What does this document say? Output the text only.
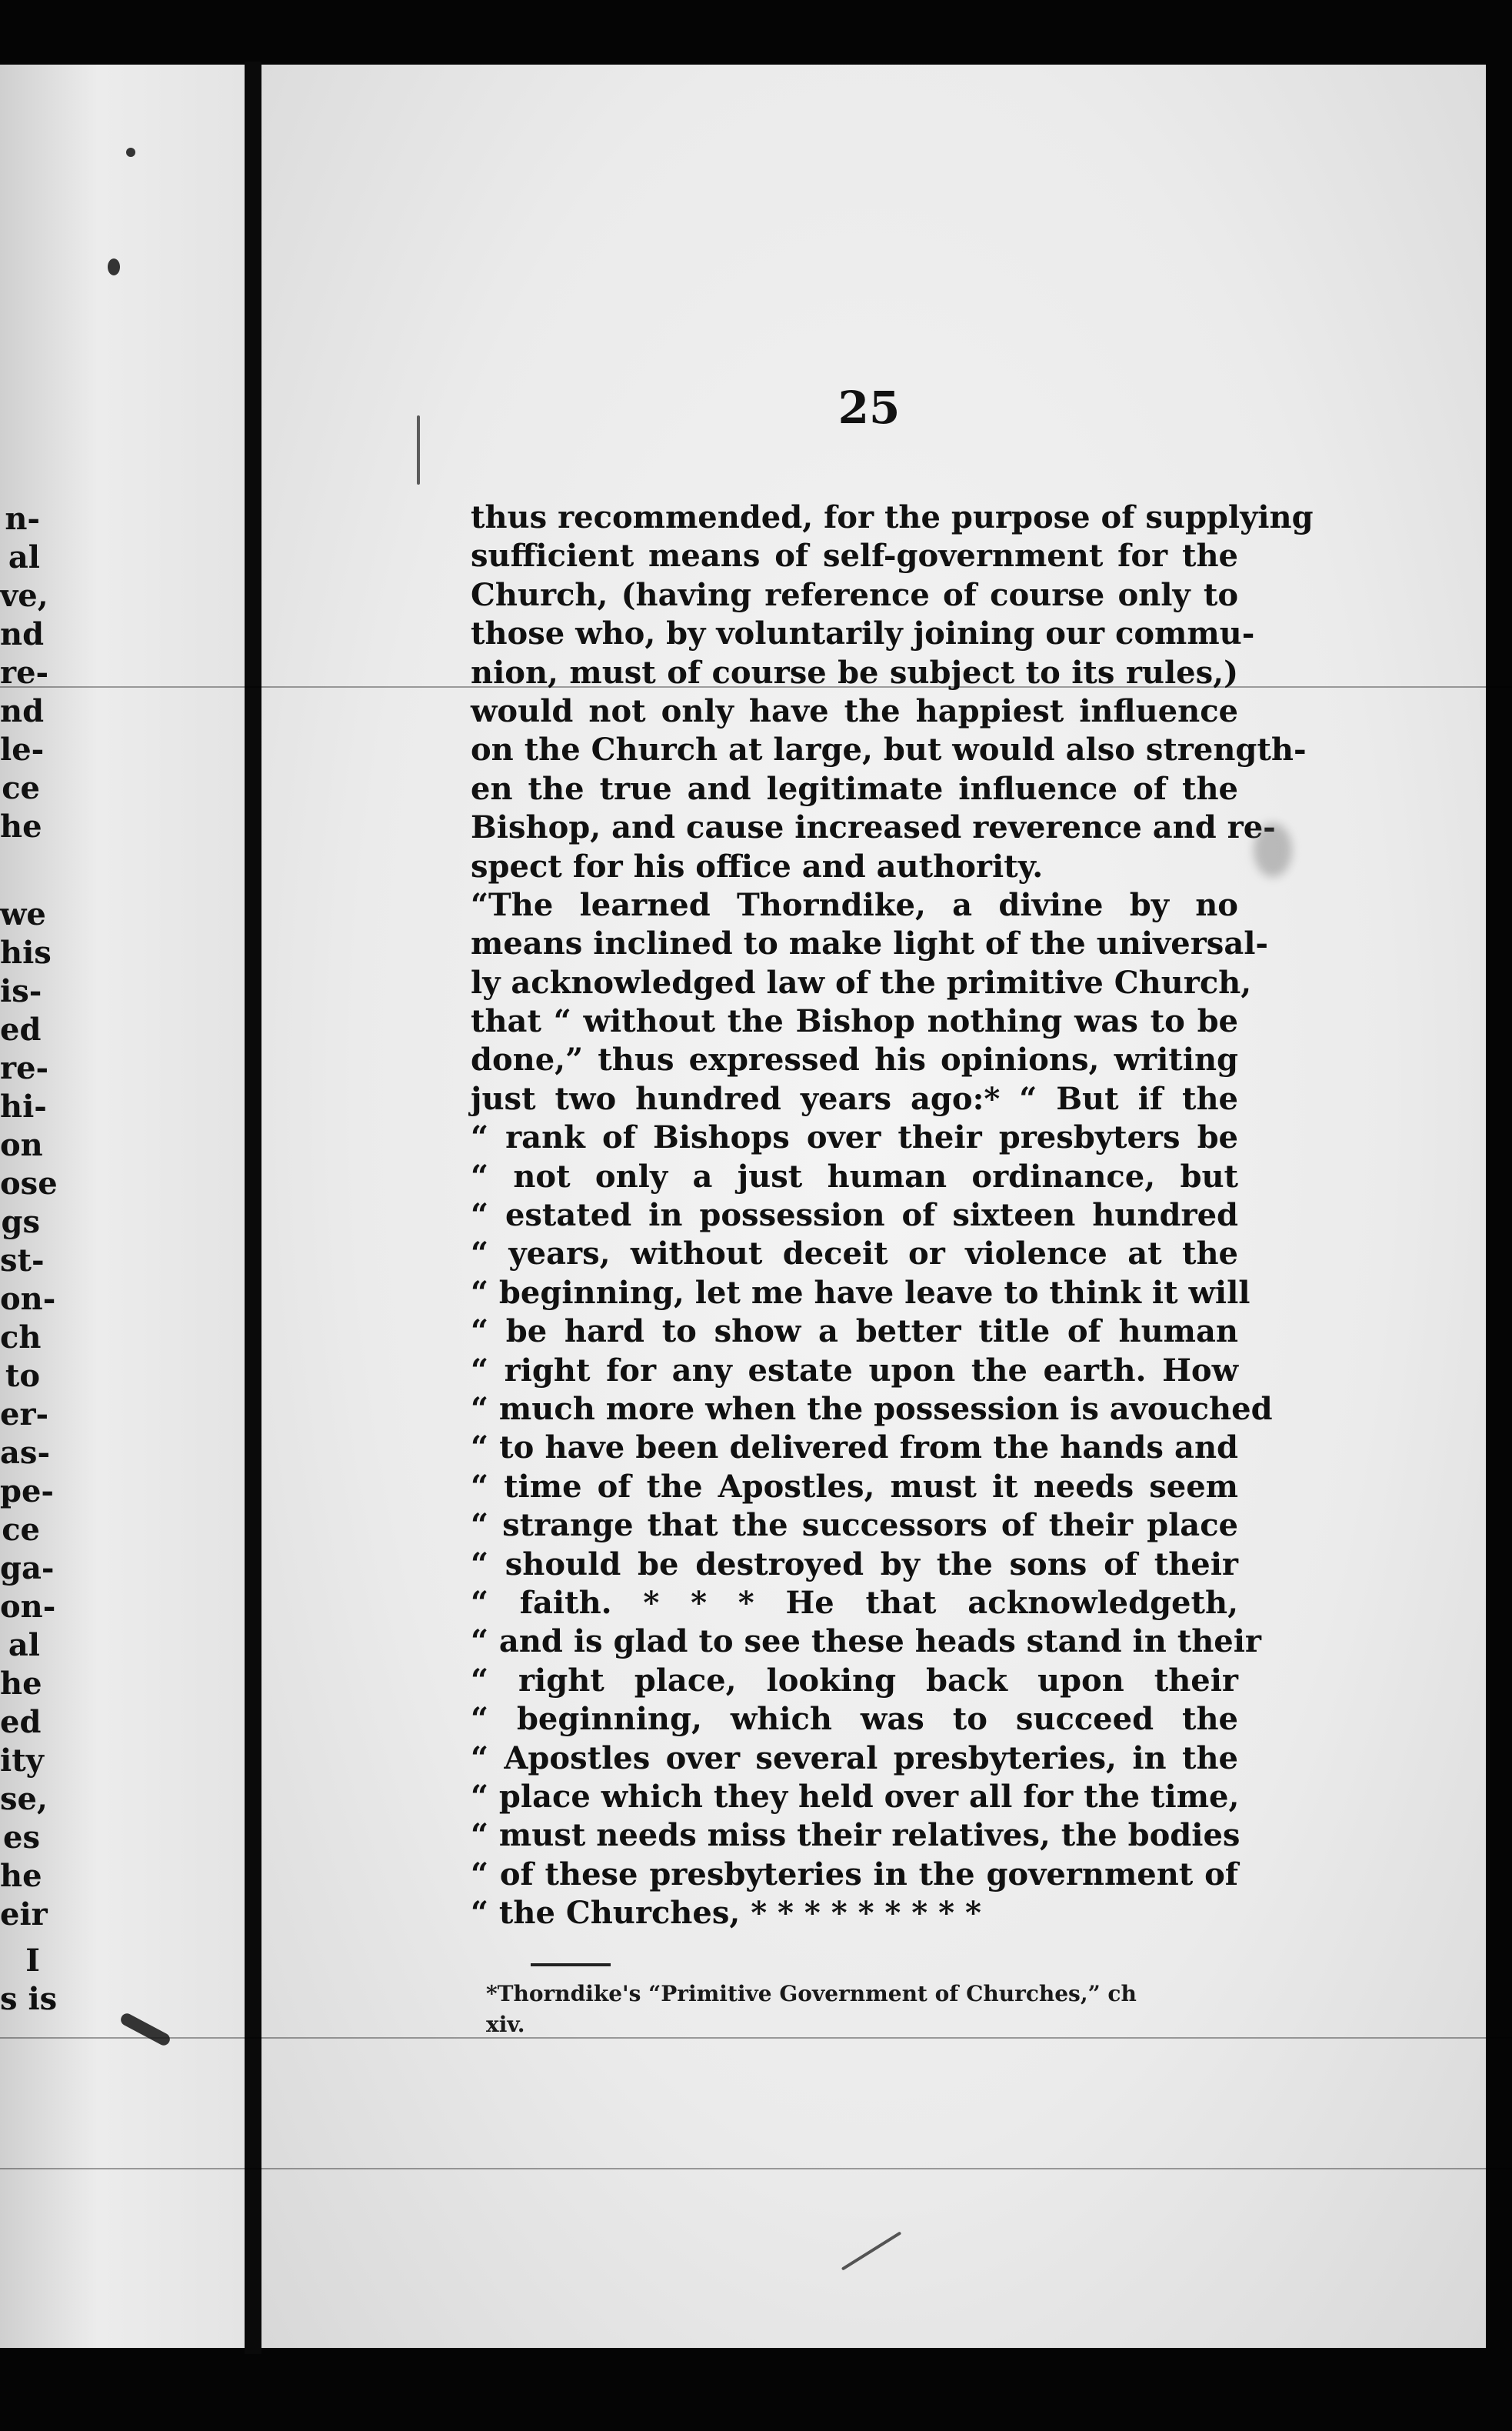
n-
al
ve,
nd
re-
nd
le-
ce
he
we
his
is-
ed
re-
hi-
on
ose
gs
st-
on-
ch
to
er-
as-
pe-
ce
ga-
on-
al
he
ed
ity
se,
es
he
eir
I
s is
25
thus recommended, for the purpose of supplying
sufficient means of self-government for the
Church, (having reference of course only to
those who, by voluntarily joining our commu-
nion, must of course be subject to its rules,)
would not only have the happiest influence
on the Church at large, but would also strength-
en the true and legitimate influence of the
Bishop, and cause increased reverence and re-
spect for his office and authority.
“The learned Thorndike, a divine by no
means inclined to make light of the universal-
ly acknowledged law of the primitive Church,
that “ without the Bishop nothing was to be
done,” thus expressed his opinions, writing
just two hundred years ago:* “ But if the
“ rank of Bishops over their presbyters be
“ not only a just human ordinance, but
“ estated in possession of sixteen hundred
“ years, without deceit or violence at the
“ beginning, let me have leave to think it will
“ be hard to show a better title of human
“ right for any estate upon the earth. How
“ much more when the possession is avouched
“ to have been delivered from the hands and
“ time of the Apostles, must it needs seem
“ strange that the successors of their place
“ should be destroyed by the sons of their
“ faith. * * * He that acknowledgeth,
“ and is glad to see these heads stand in their
“ right place, looking back upon their
“ beginning, which was to succeed the
“ Apostles over several presbyteries, in the
“ place which they held over all for the time,
“ must needs miss their relatives, the bodies
“ of these presbyteries in the government of
“ the Churches, * * * * * * * * *
*Thorndike's “Primitive Government of Churches,” ch
xiv.
